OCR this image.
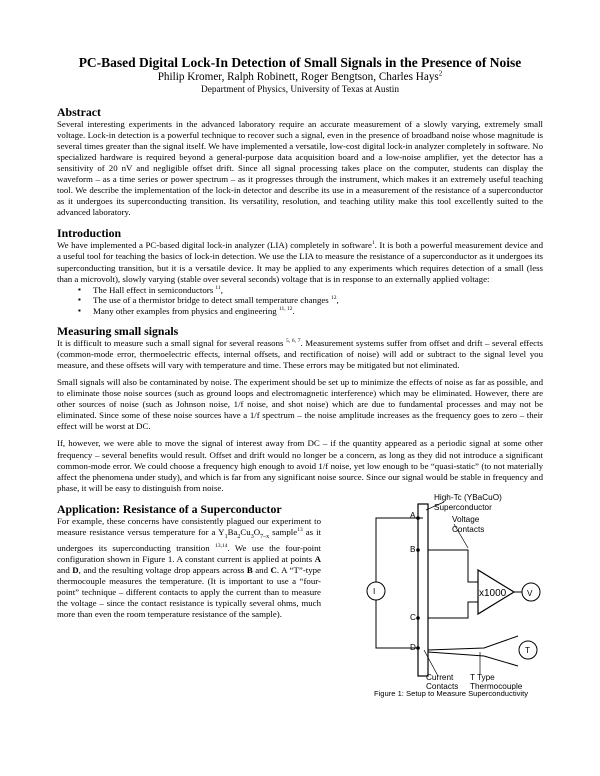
PC-Based Digital Lock-In Detection of Small Signals in the Presence of Noise
Philip Kromer, Ralph Robinett, Roger Bengtson, Charles Hays$^2$
Department of Physics, University of Texas at Austin
Abstract

Several interesting experiments in the advanced laboratory require an accurate measurement of a slowly varying, extremely small voltage. Lock-in detection is a powerful technique to recover such a signal, even in the presence of broadband noise whose magnitude is several times greater than the signal itself. We have implemented a versatile, low-cost digital lock-in analyzer completely in software. No specialized hardware is required beyond a general-purpose data acquisition board and a low-noise amplifier, yet the detector has a sensitivity of 20 nV and negligible offset drift. Since all signal processing takes place on the computer, students can display the waveform – as a time series or power spectrum – as it progresses through the instrument, which makes it an extremely useful teaching tool. We describe the implementation of the lock-in detector and describe its use in a measurement of the resistance of a superconductor as it undergoes its superconducting transition. Its versatility, resolution, and teaching utility make this tool excellently suited to the advanced laboratory.

Introduction

We have implemented a PC-based digital lock-in analyzer (LIA) completely in software$^1$. It is both a powerful measurement device and a useful tool for teaching the basics of lock-in detection. We use the LIA to measure the resistance of a superconductor as it undergoes its superconducting transition, but it is a versatile device. It may be applied to any experiments which requires detection of a small (less than a microvolt), slowly varying (stable over several seconds) voltage that is in response to an externally applied voltage:

▪ The Hall effect in semiconductors $^{11}$,
▪ The use of a thermistor bridge to detect small temperature changes $^{12}$,
▪ Many other examples from physics and engineering $^{11, 12}$.
Measuring small signals

It is difficult to measure such a small signal for several reasons $^{5, 6, 7}$. Measurement systems suffer from offset and drift – several effects (common-mode error, thermoelectric effects, internal offsets, and rectification of noise) will add or subtract to the signal level you measure, and these offsets will vary with temperature and time. These errors may be mitigated but not eliminated.

Small signals will also be contaminated by noise. The experiment should be set up to minimize the effects of noise as far as possible, and to eliminate those noise sources (such as ground loops and electromagnetic interference) which may be eliminated. However, there are other sources of noise (such as Johnson noise, 1/f noise, and shot noise) which are due to fundamental processes and may not be eliminated. Since some of these noise sources have a 1/f spectrum – the noise amplitude increases as the frequency goes to zero – their effect will be worst at DC.

If, however, we were able to move the signal of interest away from DC – if the quantity appeared as a periodic signal at some other frequency – several benefits would result. Offset and drift would no longer be a concern, as long as they did not introduce a significant common-mode error. We could choose a frequency high enough to avoid 1/f noise, yet low enough to be “quasi-static” (to not materially affect the phenomena under study), and which is far from any significant noise source. Since our signal would be stable in frequency and phase, it will be easy to distinguish from noise.

Application: Resistance of a Superconductor

For example, these concerns have consistently plagued our experiment to measure resistance versus temperature for a $Y_1Ba_2Cu_3O_{7-x}$ sample$^{13}$ as it undergoes its superconducting transition $^{13,14}$. We use the four-point configuration shown in Figure 1. A constant current is applied at points A and D, and the resulting voltage drop appears across B and C. A “T”-type thermocouple measures the temperature. (It is important to use a “four-point” technique – different contacts to apply the current than to measure the voltage – since the contact resistance is typically several ohms, much more than even the room temperature resistance of the sample).

I
A
B
C
D
x1000	V
T
High-Tc (YBaCuO)
Superconductor
Voltage
Contacts
Current
Contacts
T Type
Thermocouple
Figure 1: Setup to Measure Superconductivity
